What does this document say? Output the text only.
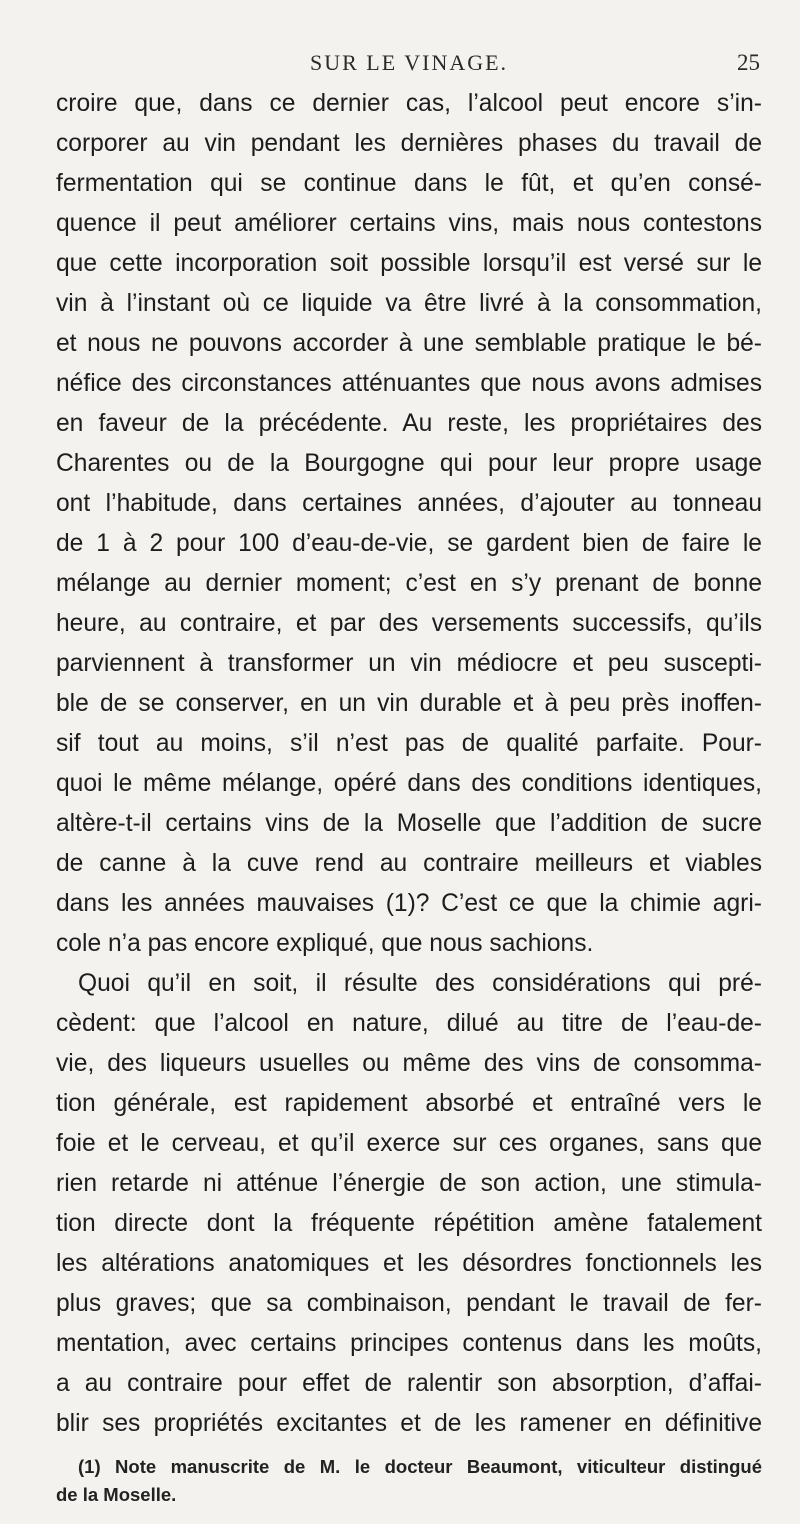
SUR LE VINAGE.	25
croire que, dans ce dernier cas, l’alcool peut encore s’in-
corporer au vin pendant les dernières phases du travail de
fermentation qui se continue dans le fût, et qu’en consé-
quence il peut améliorer certains vins, mais nous contestons
que cette incorporation soit possible lorsqu’il est versé sur le
vin à l’instant où ce liquide va être livré à la consommation,
et nous ne pouvons accorder à une semblable pratique le bé-
néfice des circonstances atténuantes que nous avons admises
en faveur de la précédente. Au reste, les propriétaires des
Charentes ou de la Bourgogne qui pour leur propre usage
ont l’habitude, dans certaines années, d’ajouter au tonneau
de 1 à 2 pour 100 d’eau-de-vie, se gardent bien de faire le
mélange au dernier moment; c’est en s’y prenant de bonne
heure, au contraire, et par des versements successifs, qu’ils
parviennent à transformer un vin médiocre et peu suscepti-
ble de se conserver, en un vin durable et à peu près inoffen-
sif tout au moins, s’il n’est pas de qualité parfaite. Pour-
quoi le même mélange, opéré dans des conditions identiques,
altère-t-il certains vins de la Moselle que l’addition de sucre
de canne à la cuve rend au contraire meilleurs et viables
dans les années mauvaises (1)? C’est ce que la chimie agri-
cole n’a pas encore expliqué, que nous sachions.
Quoi qu’il en soit, il résulte des considérations qui pré-
cèdent: que l’alcool en nature, dilué au titre de l’eau-de-
vie, des liqueurs usuelles ou même des vins de consomma-
tion générale, est rapidement absorbé et entraîné vers le
foie et le cerveau, et qu’il exerce sur ces organes, sans que
rien retarde ni atténue l’énergie de son action, une stimula-
tion directe dont la fréquente répétition amène fatalement
les altérations anatomiques et les désordres fonctionnels les
plus graves; que sa combinaison, pendant le travail de fer-
mentation, avec certains principes contenus dans les moûts,
a au contraire pour effet de ralentir son absorption, d’affai-
blir ses propriétés excitantes et de les ramener en définitive
(1) Note manuscrite de M. le docteur Beaumont, viticulteur distingué
de la Moselle.
